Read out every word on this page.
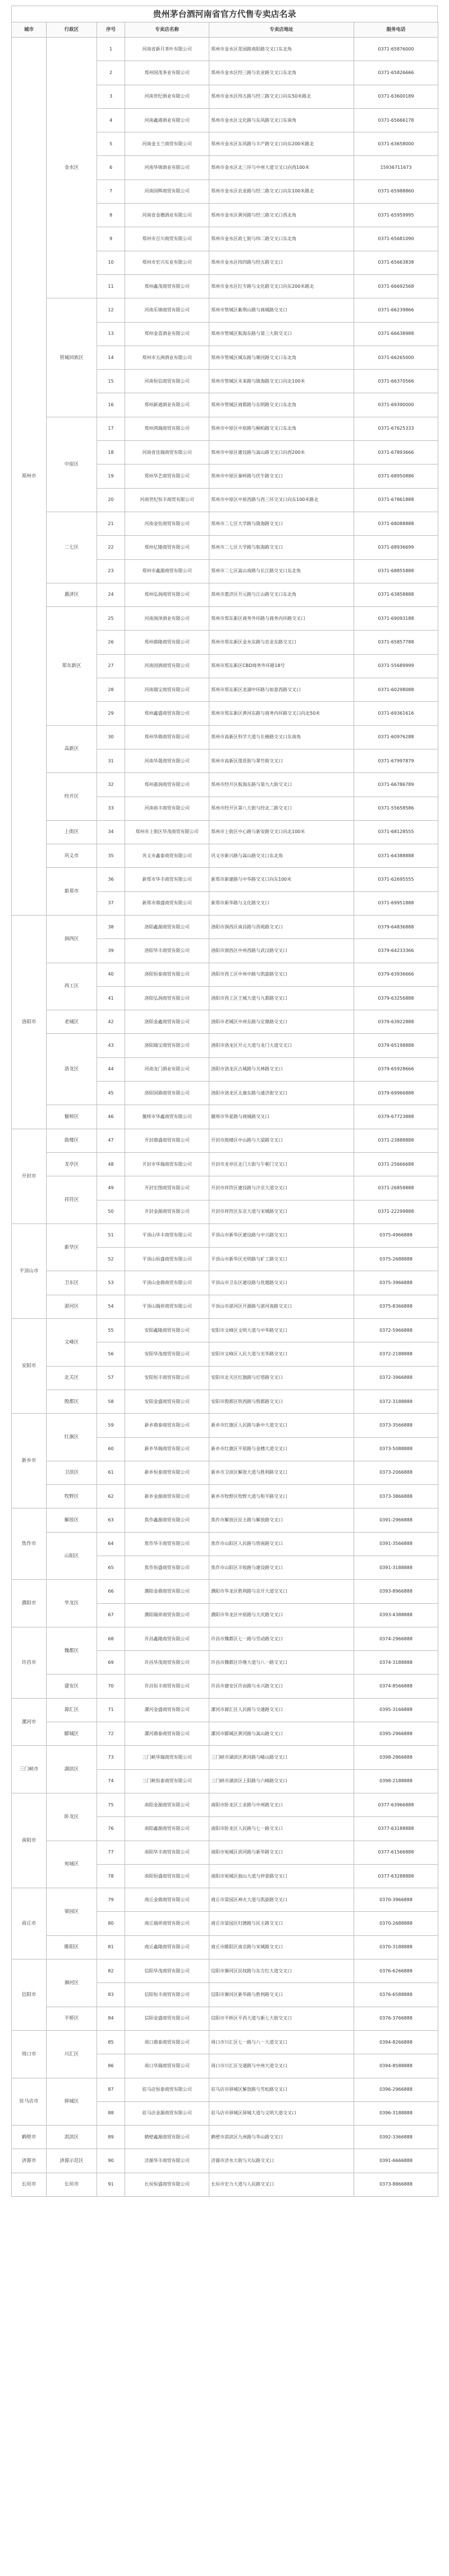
贵州茅台酒河南省官方代售专卖店名录
城市	行政区	序号	专卖店名称	专卖店地址	服务电话
郑州市	金水区	1	河南省新月茶叶有限公司	郑州市金水区花园路南阳路交叉口东北角	0371-65876000
		2	郑州国茂茶业有限公司	郑州市金水区经三路与农业路交叉口东北角	0371-65826666
		3	河南世纪酒业有限公司	郑州市金水区纬五路与经三路交叉口向东50米路北	0371-63600189
		4	河南鑫港酒业有限公司	郑州市金水区文化路与东风路交叉口东南角	0371-65666178
		5	河南金玉兰商贸有限公司	郑州市金水区东风路与丰产路交叉口向东200米路北	0371-63658000
		6	河南华锦酒业有限公司	郑州市金水区北三环与中州大道交叉口向西100米	15936711673
		7	河南国辉商贸有限公司	郑州市金水区农业路与经二路交叉口向东100米路北	0371-65988860
		8	河南省金穗酒业有限公司	郑州市金水区黄河路与经三路交叉口西北角	0371-65959995
		9	郑州市百川商贸有限公司	郑州市金水区政七街与纬二路交叉口东北角	0371-65681090
		10	郑州市宏兴实业有限公司	郑州市金水区纬四路与经五路交叉口	0371-65663838
		11	郑州鑫茂商贸有限公司	郑州市金水区红专路与文化路交叉口向东200米路北	0371-66692568
	管城回族区	12	河南乐锦商贸有限公司	郑州市管城区紫荆山路与商城路交叉口	0371-66239866
		13	郑州金喜酒业有限公司	郑州市管城区航海东路与第三大街交叉口	0371-66638988
		14	郑州市五洲酒业有限公司	郑州市管城区城东路与顺河路交叉口东北角	0371-66265000
		15	河南恒信商贸有限公司	郑州市管城区未来路与陇海路交叉口向北100米	0371-66370566
		16	郑州新通酒业有限公司	郑州市管城区商都路与东明路交叉口东北角	0371-69390000
	中原区	17	郑州鸿瑞商贸有限公司	郑州市中原区中原路与桐柏路交叉口东北角	0371-67625333
		18	河南省佳瑞商贸有限公司	郑州市中原区建设路与嵩山路交叉口向西200米	0371-67893666
		19	郑州华艺商贸有限公司	郑州市中原区秦岭路与伏牛路交叉口	0371-68950886
		20	河南世纪恒丰商贸有限公司	郑州市中原区中原西路与西三环交叉口向东100米路北	0371-67861888
	二七区	21	河南金钰商贸有限公司	郑州市二七区大学路与陇海路交叉口	0371-68088888
		22	郑州亿隆商贸有限公司	郑州市二七区大学路与航海路交叉口	0371-68936699
		23	郑州市鑫源商贸有限公司	郑州市二七区嵩山南路与长江路交叉口东北角	0371-68855888
	惠济区	24	郑州弘润商贸有限公司	郑州市惠济区开元路与江山路交叉口东北角	0371-63858888
	郑东新区	25	河南润泽酒业有限公司	郑州市郑东新区商务外环路与商务内环路交叉口	0371-69093188
		26	郑州鼎隆商贸有限公司	郑州市郑东新区金水东路与农业东路交叉口	0371-65857788
		27	河南国酒商贸有限公司	郑州市郑东新区CBD商务外环路18号	0371-55689999
		28	河南瑞宝商贸有限公司	郑州市郑东新区龙湖中环路与如意西路交叉口	0371-60298088
		29	郑州鑫盛商贸有限公司	郑州市郑东新区黄河东路与商务内环路交叉口向北50米	0371-69361616
	高新区	30	郑州华鼎商贸有限公司	郑州市高新区科学大道与长椿路交叉口东南角	0371-60976288
		31	河南华晟商贸有限公司	郑州市高新区莲花街与翠竹街交叉口	0371-67997879
	经开区	32	郑州嘉润商贸有限公司	郑州市经开区航海东路与第九大街交叉口	0371-66786789
		33	河南裕丰商贸有限公司	郑州市经开区第八大街与经北二路交叉口	0371-55658586
	上街区	34	郑州市上街区华茂商贸有限公司	郑州市上街区中心路与新安路交叉口向北100米	0371-68128555
	巩义市	35	巩义市鑫泰商贸有限公司	巩义市新兴路与嵩山路交叉口东北角	0371-64388888
	新郑市	36	新郑市华丰商贸有限公司	新郑市新建路与中华路交叉口向东100米	0371-62695555
		37	新郑市鼎盛商贸有限公司	新郑市新华路与文化路交叉口	0371-69951888
洛阳市	涧西区	38	洛阳鑫源商贸有限公司	洛阳市涧西区南昌路与西苑路交叉口	0379-64836888
		39	洛阳华丰商贸有限公司	洛阳市涧西区中州西路与武汉路交叉口	0379-64233366
	西工区	40	洛阳恒泰商贸有限公司	洛阳市西工区中州中路与凯旋路交叉口	0379-63936666
		41	洛阳弘润商贸有限公司	洛阳市西工区王城大道与九都路交叉口	0379-63256888
	老城区	42	洛阳金鑫商贸有限公司	洛阳市老城区中州东路与定鼎路交叉口	0379-63922888
	洛龙区	43	洛阳瑞宝商贸有限公司	洛阳市洛龙区开元大道与龙门大道交叉口	0379-65198888
		44	河南龙门酒业有限公司	洛阳市洛龙区古城路与关林路交叉口	0379-65928666
		45	洛阳国鼎商贸有限公司	洛阳市洛龙区太康东路与通济街交叉口	0379-69966888
	偃师区	46	偃师市华鑫商贸有限公司	偃师市华夏路与商城路交叉口	0379-67723888
开封市	鼓楼区	47	开封鼎盛商贸有限公司	开封市鼓楼区中山路与大梁路交叉口	0371-23888888
	龙亭区	48	开封市华瑞商贸有限公司	开封市龙亭区北门大街与午朝门交叉口	0371-25666688
	祥符区	49	开封宏图商贸有限公司	开封市祥符区建设路与汴京大道交叉口	0371-26858888
		50	开封金源商贸有限公司	开封市祥符区东京大道与宋城路交叉口	0371-22299888
平顶山市	新华区	51	平顶山华丰商贸有限公司	平顶山市新华区建设路与中兴路交叉口	0375-4966888
		52	平顶山恒盛商贸有限公司	平顶山市新华区光明路与矿工路交叉口	0375-2688888
	卫东区	53	平顶山金鼎商贸有限公司	平顶山市卫东区建设路与优越路交叉口	0375-3966888
	湛河区	54	平顶山瑞祥商贸有限公司	平顶山市湛河区开源路与湛河南路交叉口	0375-8366888
安阳市	文峰区	55	安阳鑫隆商贸有限公司	安阳市文峰区文明大道与中华路交叉口	0372-5966888
		56	安阳华茂商贸有限公司	安阳市文峰区人民大道与光华路交叉口	0372-2188888
	北关区	57	安阳恒丰商贸有限公司	安阳市北关区红旗路与灯塔路交叉口	0372-3966888
	殷都区	58	安阳金盛商贸有限公司	安阳市殷都区铁西路与殷都路交叉口	0372-3188888
新乡市	红旗区	59	新乡鼎泰商贸有限公司	新乡市红旗区人民路与新中大道交叉口	0373-3566888
		60	新乡华瑞商贸有限公司	新乡市红旗区平原路与金穗大道交叉口	0373-5088888
	卫滨区	61	新乡恒泰商贸有限公司	新乡市卫滨区解放大道与胜利路交叉口	0373-2066888
	牧野区	62	新乡金源商贸有限公司	新乡市牧野区牧野大道与和平路交叉口	0373-3866888
焦作市	解放区	63	焦作鑫源商贸有限公司	焦作市解放区民主路与解放路交叉口	0391-2966888
	山阳区	64	焦作华丰商贸有限公司	焦作市山阳区人民路与塔南路交叉口	0391-3566888
		65	焦作恒盛商贸有限公司	焦作市山阳区丰收路与建设路交叉口	0391-3188888
濮阳市	华龙区	66	濮阳金鼎商贸有限公司	濮阳市华龙区胜利路与京开大道交叉口	0393-8966888
		67	濮阳瑞祥商贸有限公司	濮阳市华龙区中原路与大庆路交叉口	0393-4388888
许昌市	魏都区	68	许昌鑫隆商贸有限公司	许昌市魏都区七一路与劳动路交叉口	0374-2966888
		69	许昌华茂商贸有限公司	许昌市魏都区许继大道与八一路交叉口	0374-3188888
	建安区	70	许昌恒丰商贸有限公司	许昌市建安区许由路与永兴路交叉口	0374-8566888
漯河市	源汇区	71	漯河金盛商贸有限公司	漯河市源汇区人民路与交通路交叉口	0395-3166888
	郾城区	72	漯河鼎泰商贸有限公司	漯河市郾城区黄河路与嵩山路交叉口	0395-2966888
三门峡市	湖滨区	73	三门峡华瑞商贸有限公司	三门峡市湖滨区黄河路与崤山路交叉口	0398-2866888
		74	三门峡恒泰商贸有限公司	三门峡市湖滨区上阳路与六峰路交叉口	0398-2188888
南阳市	卧龙区	75	南阳金源商贸有限公司	南阳市卧龙区工业路与中州路交叉口	0377-63966888
		76	南阳鑫源商贸有限公司	南阳市卧龙区人民路与七一路交叉口	0377-63188888
	宛城区	77	南阳华丰商贸有限公司	南阳市宛城区滨河路与新华路交叉口	0377-61566888
		78	南阳恒盛商贸有限公司	南阳市宛城区独山大道与仲景路交叉口	0377-63288888
商丘市	梁园区	79	商丘金鼎商贸有限公司	商丘市梁园区神火大道与凯旋路交叉口	0370-3966888
		80	商丘瑞祥商贸有限公司	商丘市梁园区归德路与民主路交叉口	0370-2688888
	睢阳区	81	商丘鑫隆商贸有限公司	商丘市睢阳区南京路与宋城路交叉口	0370-3188888
信阳市	浉河区	82	信阳华茂商贸有限公司	信阳市浉河区民权路与东方红大道交叉口	0376-6266888
		83	信阳恒丰商贸有限公司	信阳市浉河区新华路与胜利路交叉口	0376-6588888
	平桥区	84	信阳金盛商贸有限公司	信阳市平桥区平西大道与新七大街交叉口	0376-3766888
周口市	川汇区	85	周口鼎泰商贸有限公司	周口市川汇区七一路与八一大道交叉口	0394-8266888
		86	周口华瑞商贸有限公司	周口市川汇区交通路与中州大道交叉口	0394-8588888
驻马店市	驿城区	87	驻马店恒泰商贸有限公司	驻马店市驿城区解放路与雪松路交叉口	0396-2966888
		88	驻马店金源商贸有限公司	驻马店市驿城区驿城大道与文明大道交叉口	0396-3188888
鹤壁市	淇滨区	89	鹤壁鑫源商贸有限公司	鹤壁市淇滨区九州路与华山路交叉口	0392-3366888
济源市	济源示范区	90	济源华丰商贸有限公司	济源市济水大街与天坛路交叉口	0391-6666888
长垣市	长垣市	91	长垣恒盛商贸有限公司	长垣市宏力大道与人民路交叉口	0373-8866888
